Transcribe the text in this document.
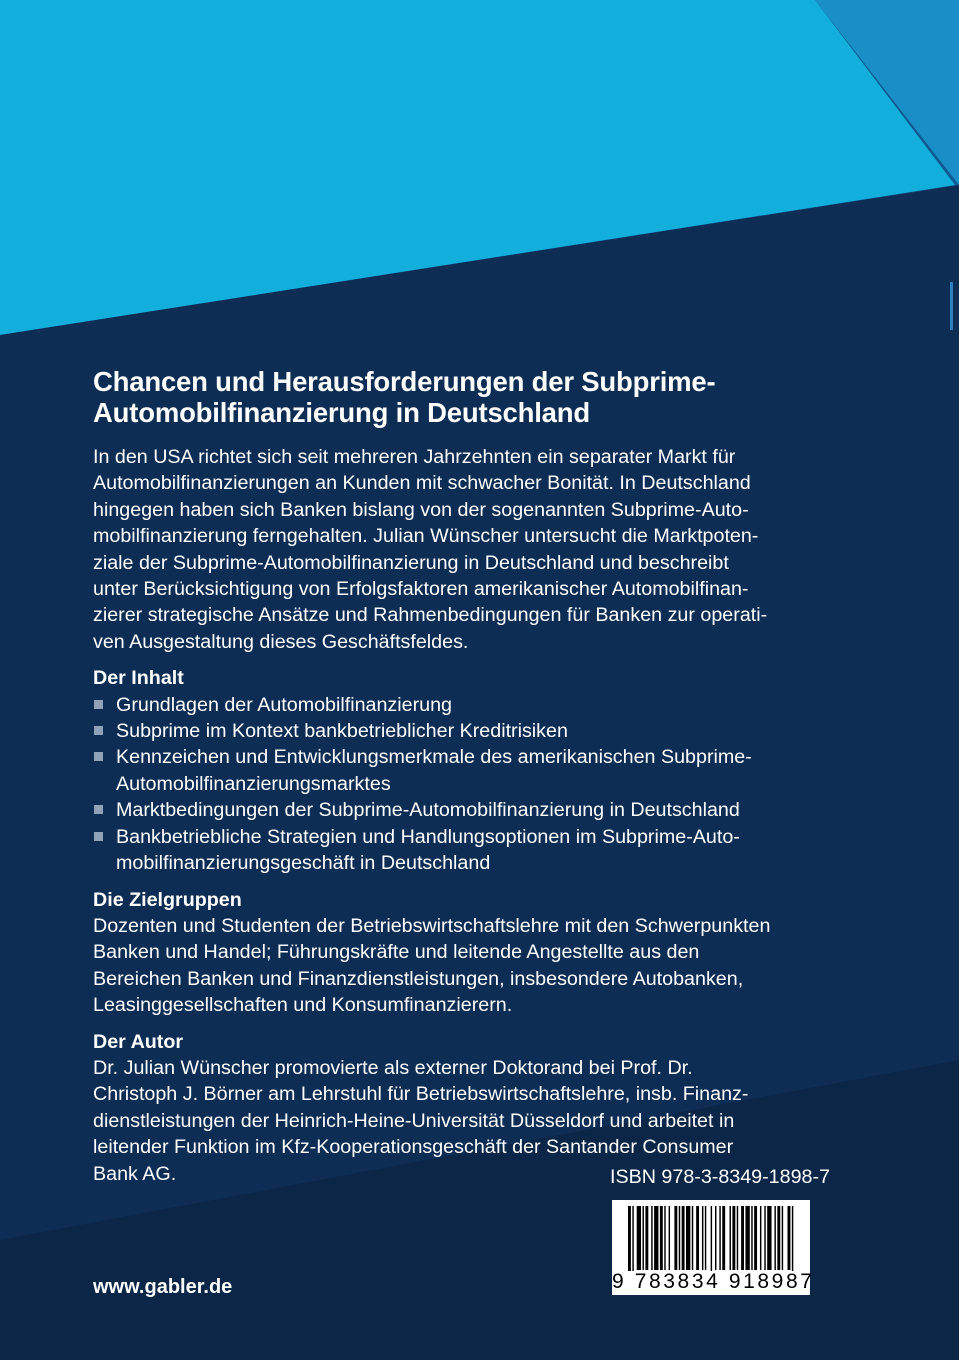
Chancen und Herausforderungen der Subprime-
Automobilfinanzierung in Deutschland
In den USA richtet sich seit mehreren Jahrzehnten ein separater Markt für
Automobilfinanzierungen an Kunden mit schwacher Bonität. In Deutschland
hingegen haben sich Banken bislang von der sogenannten Subprime-Auto-
mobilfinanzierung ferngehalten. Julian Wünscher untersucht die Marktpoten-
ziale der Subprime-Automobilfinanzierung in Deutschland und beschreibt
unter Berücksichtigung von Erfolgsfaktoren amerikanischer Automobilfinan-
zierer strategische Ansätze und Rahmenbedingungen für Banken zur operati-
ven Ausgestaltung dieses Geschäftsfeldes.
Der Inhalt
Grundlagen der Automobilfinanzierung
Subprime im Kontext bankbetrieblicher Kreditrisiken
Kennzeichen und Entwicklungsmerkmale des amerikanischen Subprime-
Automobilfinanzierungsmarktes
Marktbedingungen der Subprime-Automobilfinanzierung in Deutschland
Bankbetriebliche Strategien und Handlungsoptionen im Subprime-Auto-
mobilfinanzierungsgeschäft in Deutschland
Die Zielgruppen
Dozenten und Studenten der Betriebswirtschaftslehre mit den Schwerpunkten
Banken und Handel; Führungskräfte und leitende Angestellte aus den
Bereichen Banken und Finanzdienstleistungen, insbesondere Autobanken,
Leasinggesellschaften und Konsumfinanzierern.
Der Autor
Dr. Julian Wünscher promovierte als externer Doktorand bei Prof. Dr.
Christoph J. Börner am Lehrstuhl für Betriebswirtschaftslehre, insb. Finanz-
dienstleistungen der Heinrich-Heine-Universität Düsseldorf und arbeitet in
leitender Funktion im Kfz-Kooperationsgeschäft der Santander Consumer
Bank AG.	ISBN 978-3-8349-1898-7
9 783834 918987
www.gabler.de
